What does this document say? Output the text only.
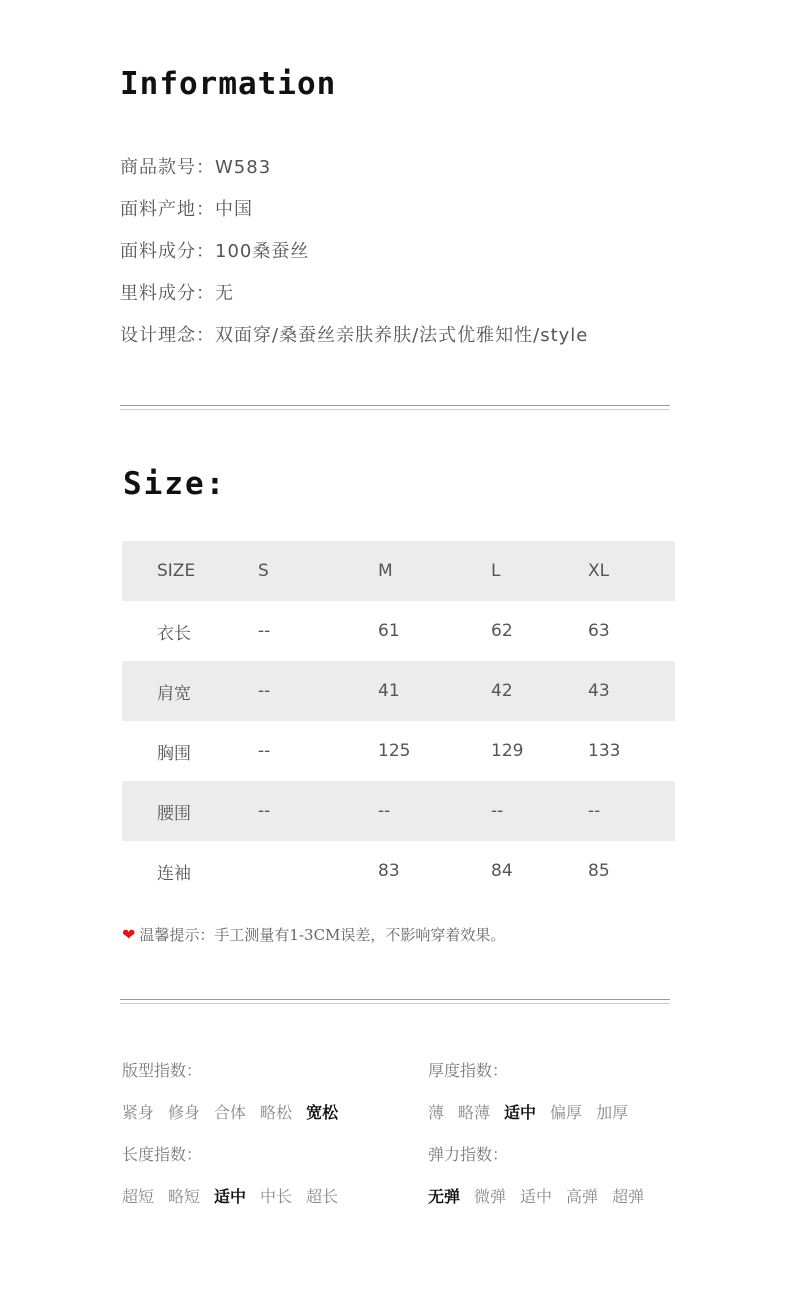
Information
商品款号：W583
面料产地：中国
面料成分：100桑蚕丝
里料成分：无
设计理念：双面穿/桑蚕丝亲肤养肤/法式优雅知性/style
Size:
SIZE	S	M	L	XL
衣长	--	61	62	63
肩宽	--	41	42	43
胸围	--	125	129	133
腰围	--	--	--	--
连袖		83	84	85
❤ 温馨提示：手工测量有1-3CM误差，不影响穿着效果。
版型指数：
紧身 修身 合体 略松 宽松
厚度指数：
薄 略薄 适中 偏厚 加厚
长度指数：
超短 略短 适中 中长 超长
弹力指数：
无弹 微弹 适中 高弹 超弹
